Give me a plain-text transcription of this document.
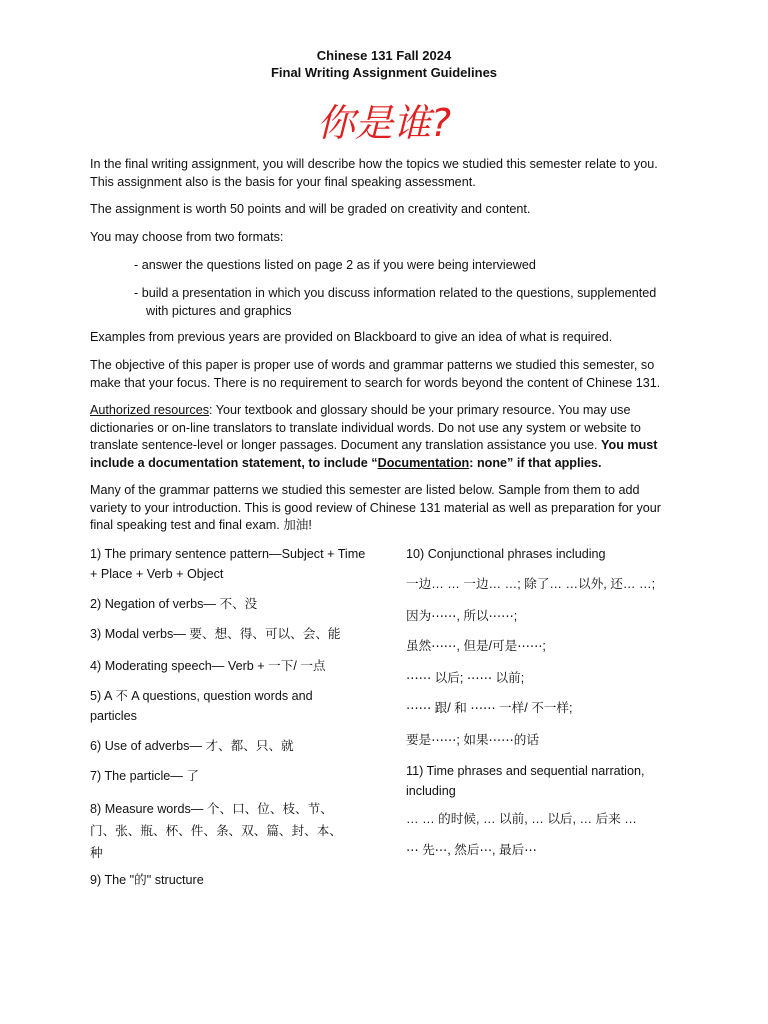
Chinese 131 Fall 2024
Final Writing Assignment Guidelines
你是谁?
In the final writing assignment, you will describe how the topics we studied this semester relate to you. This assignment also is the basis for your final speaking assessment.
The assignment is worth 50 points and will be graded on creativity and content.
You may choose from two formats:
- answer the questions listed on page 2 as if you were being interviewed
- build a presentation in which you discuss information related to the questions, supplemented
with pictures and graphics
Examples from previous years are provided on Blackboard to give an idea of what is required.
The objective of this paper is proper use of words and grammar patterns we studied this semester, so make that your focus. There is no requirement to search for words beyond the content of Chinese 131.
Authorized resources: Your textbook and glossary should be your primary resource. You may use dictionaries or on-line translators to translate individual words. Do not use any system or website to translate sentence-level or longer passages. Document any translation assistance you use. You must include a documentation statement, to include “Documentation: none” if that applies.
Many of the grammar patterns we studied this semester are listed below. Sample from them to add variety to your introduction. This is good review of Chinese 131 material as well as preparation for your final speaking test and final exam. 加油!
1) The primary sentence pattern—Subject + Time + Place + Verb + Object
2) Negation of verbs— 不、没
3) Modal verbs— 要、想、得、可以、会、能
4) Moderating speech— Verb + 一下/ 一点
5) A 不 A questions, question words and particles
6) Use of adverbs— 才、都、只、就
7) The particle— 了
8) Measure words— 个、口、位、枝、节、门、张、瓶、杯、件、条、双、篇、封、本、种
9) The "的" structure
10) Conjunctional phrases including
一边… … 一边… …; 除了… …以外, 还… …;
因为⋯⋯, 所以⋯⋯;
虽然⋯⋯, 但是/可是⋯⋯;
⋯⋯ 以后; ⋯⋯ 以前;
⋯⋯ 跟/ 和 ⋯⋯ 一样/ 不一样;
要是⋯⋯; 如果⋯⋯的话
11) Time phrases and sequential narration, including
… … 的时候, … 以前, … 以后, … 后来 …
⋯ 先⋯, 然后⋯, 最后⋯
